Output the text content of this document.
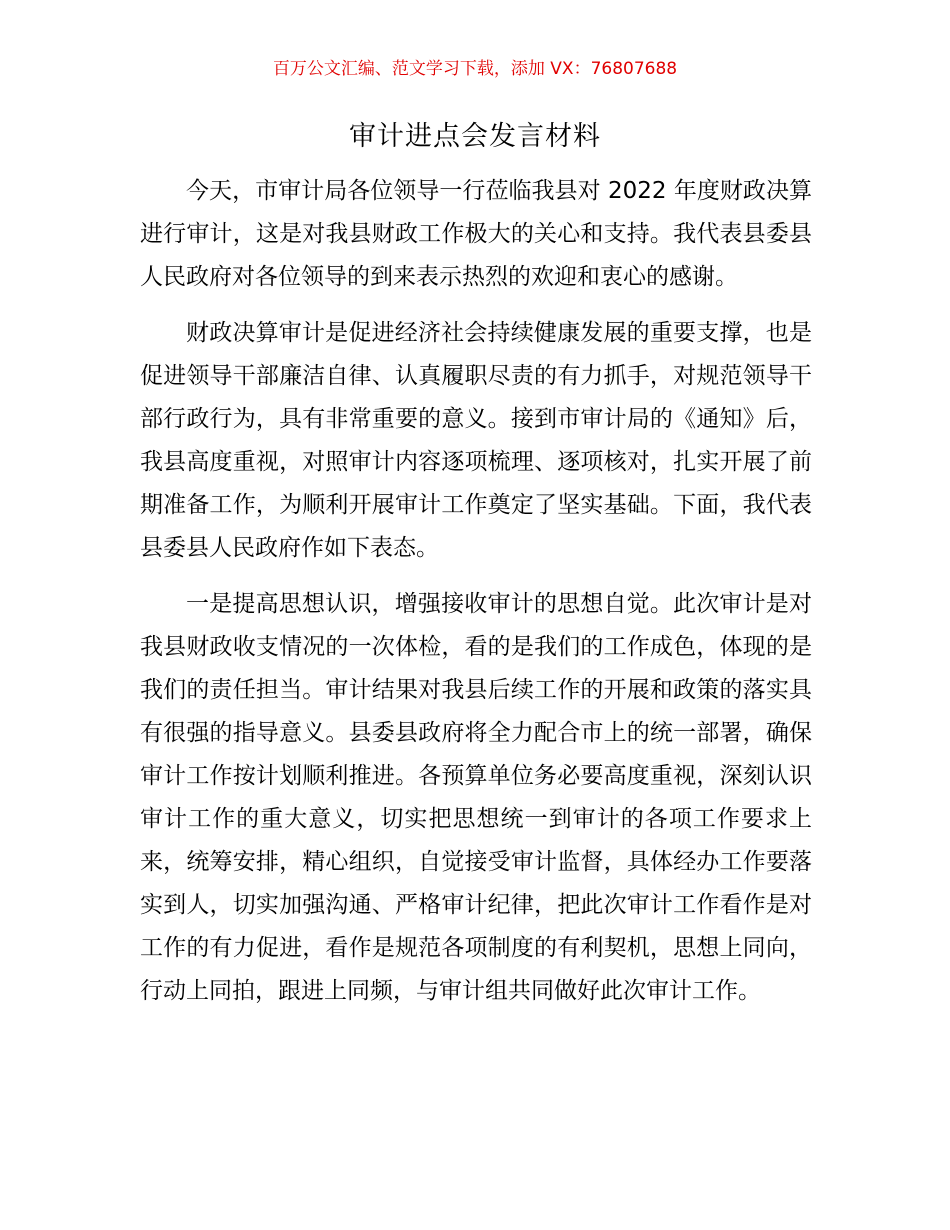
百万公文汇编、范文学习下载，添加 VX：76807688
审计进点会发言材料

今天，市审计局各位领导一行莅临我县对 2022 年度财政决算进行审计，这是对我县财政工作极大的关心和支持。我代表县委县人民政府对各位领导的到来表示热烈的欢迎和衷心的感谢。

财政决算审计是促进经济社会持续健康发展的重要支撑，也是促进领导干部廉洁自律、认真履职尽责的有力抓手，对规范领导干部行政行为，具有非常重要的意义。接到市审计局的《通知》后，我县高度重视，对照审计内容逐项梳理、逐项核对，扎实开展了前期准备工作，为顺利开展审计工作奠定了坚实基础。下面，我代表县委县人民政府作如下表态。

一是提高思想认识，增强接收审计的思想自觉。此次审计是对我县财政收支情况的一次体检，看的是我们的工作成色，体现的是我们的责任担当。审计结果对我县后续工作的开展和政策的落实具有很强的指导意义。县委县政府将全力配合市上的统一部署，确保审计工作按计划顺利推进。各预算单位务必要高度重视，深刻认识审计工作的重大意义，切实把思想统一到审计的各项工作要求上来，统筹安排，精心组织，自觉接受审计监督，具体经办工作要落实到人，切实加强沟通、严格审计纪律，把此次审计工作看作是对工作的有力促进，看作是规范各项制度的有利契机，思想上同向，行动上同拍，跟进上同频，与审计组共同做好此次审计工作。
